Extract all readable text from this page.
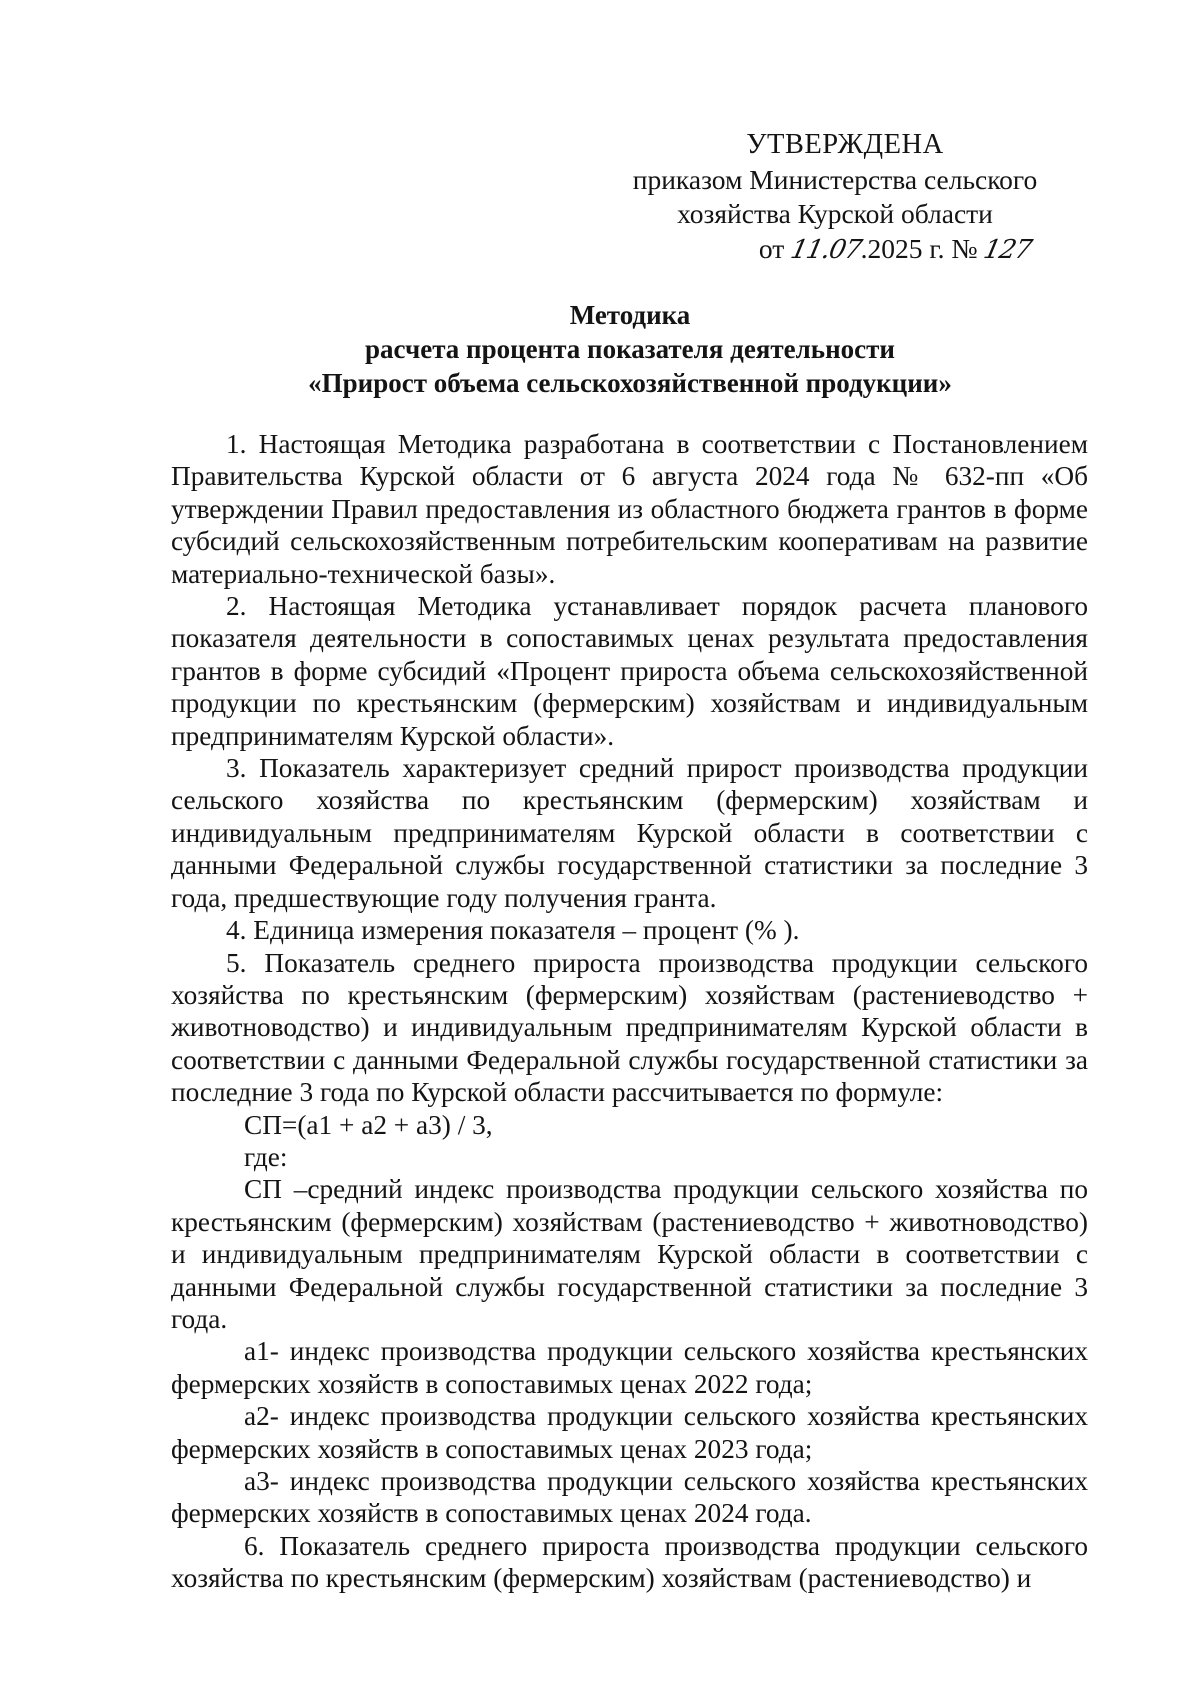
УТВЕРЖДЕНА
приказом Министерства сельского
хозяйства Курской области
от 11.07.2025 г. № 127
Методика
расчета процента показателя деятельности
«Прирост объема сельскохозяйственной продукции»

1. Настоящая Методика разработана в соответствии с Постановлением Правительства Курской области от 6 августа 2024 года № 632-пп «Об утверждении Правил предоставления из областного бюджета грантов в форме субсидий сельскохозяйственным потребительским кооперативам на развитие материально-технической базы».

2. Настоящая Методика устанавливает порядок расчета планового показателя деятельности в сопоставимых ценах результата предоставления грантов в форме субсидий «Процент прироста объема сельскохозяйственной продукции по крестьянским (фермерским) хозяйствам и индивидуальным предпринимателям Курской области».

3. Показатель характеризует средний прирост производства продукции сельского хозяйства по крестьянским (фермерским) хозяйствам и индивидуальным предпринимателям Курской области в соответствии с данными Федеральной службы государственной статистики за последние 3 года, предшествующие году получения гранта.

4. Единица измерения показателя – процент (% ).

5. Показатель среднего прироста производства продукции сельского хозяйства по крестьянским (фермерским) хозяйствам (растениеводство + животноводство) и индивидуальным предпринимателям Курской области в соответствии с данными Федеральной службы государственной статистики за последние 3 года по Курской области рассчитывается по формуле:

СП=(а1 + а2 + а3) / 3,

где:

СП –средний индекс производства продукции сельского хозяйства по крестьянским (фермерским) хозяйствам (растениеводство + животноводство) и индивидуальным предпринимателям Курской области в соответствии с данными Федеральной службы государственной статистики за последние 3 года.

а1- индекс производства продукции сельского хозяйства крестьянских фермерских хозяйств в сопоставимых ценах 2022 года;

а2- индекс производства продукции сельского хозяйства крестьянских фермерских хозяйств в сопоставимых ценах 2023 года;

а3- индекс производства продукции сельского хозяйства крестьянских фермерских хозяйств в сопоставимых ценах 2024 года.

6. Показатель среднего прироста производства продукции сельского хозяйства по крестьянским (фермерским) хозяйствам (растениеводство) и
